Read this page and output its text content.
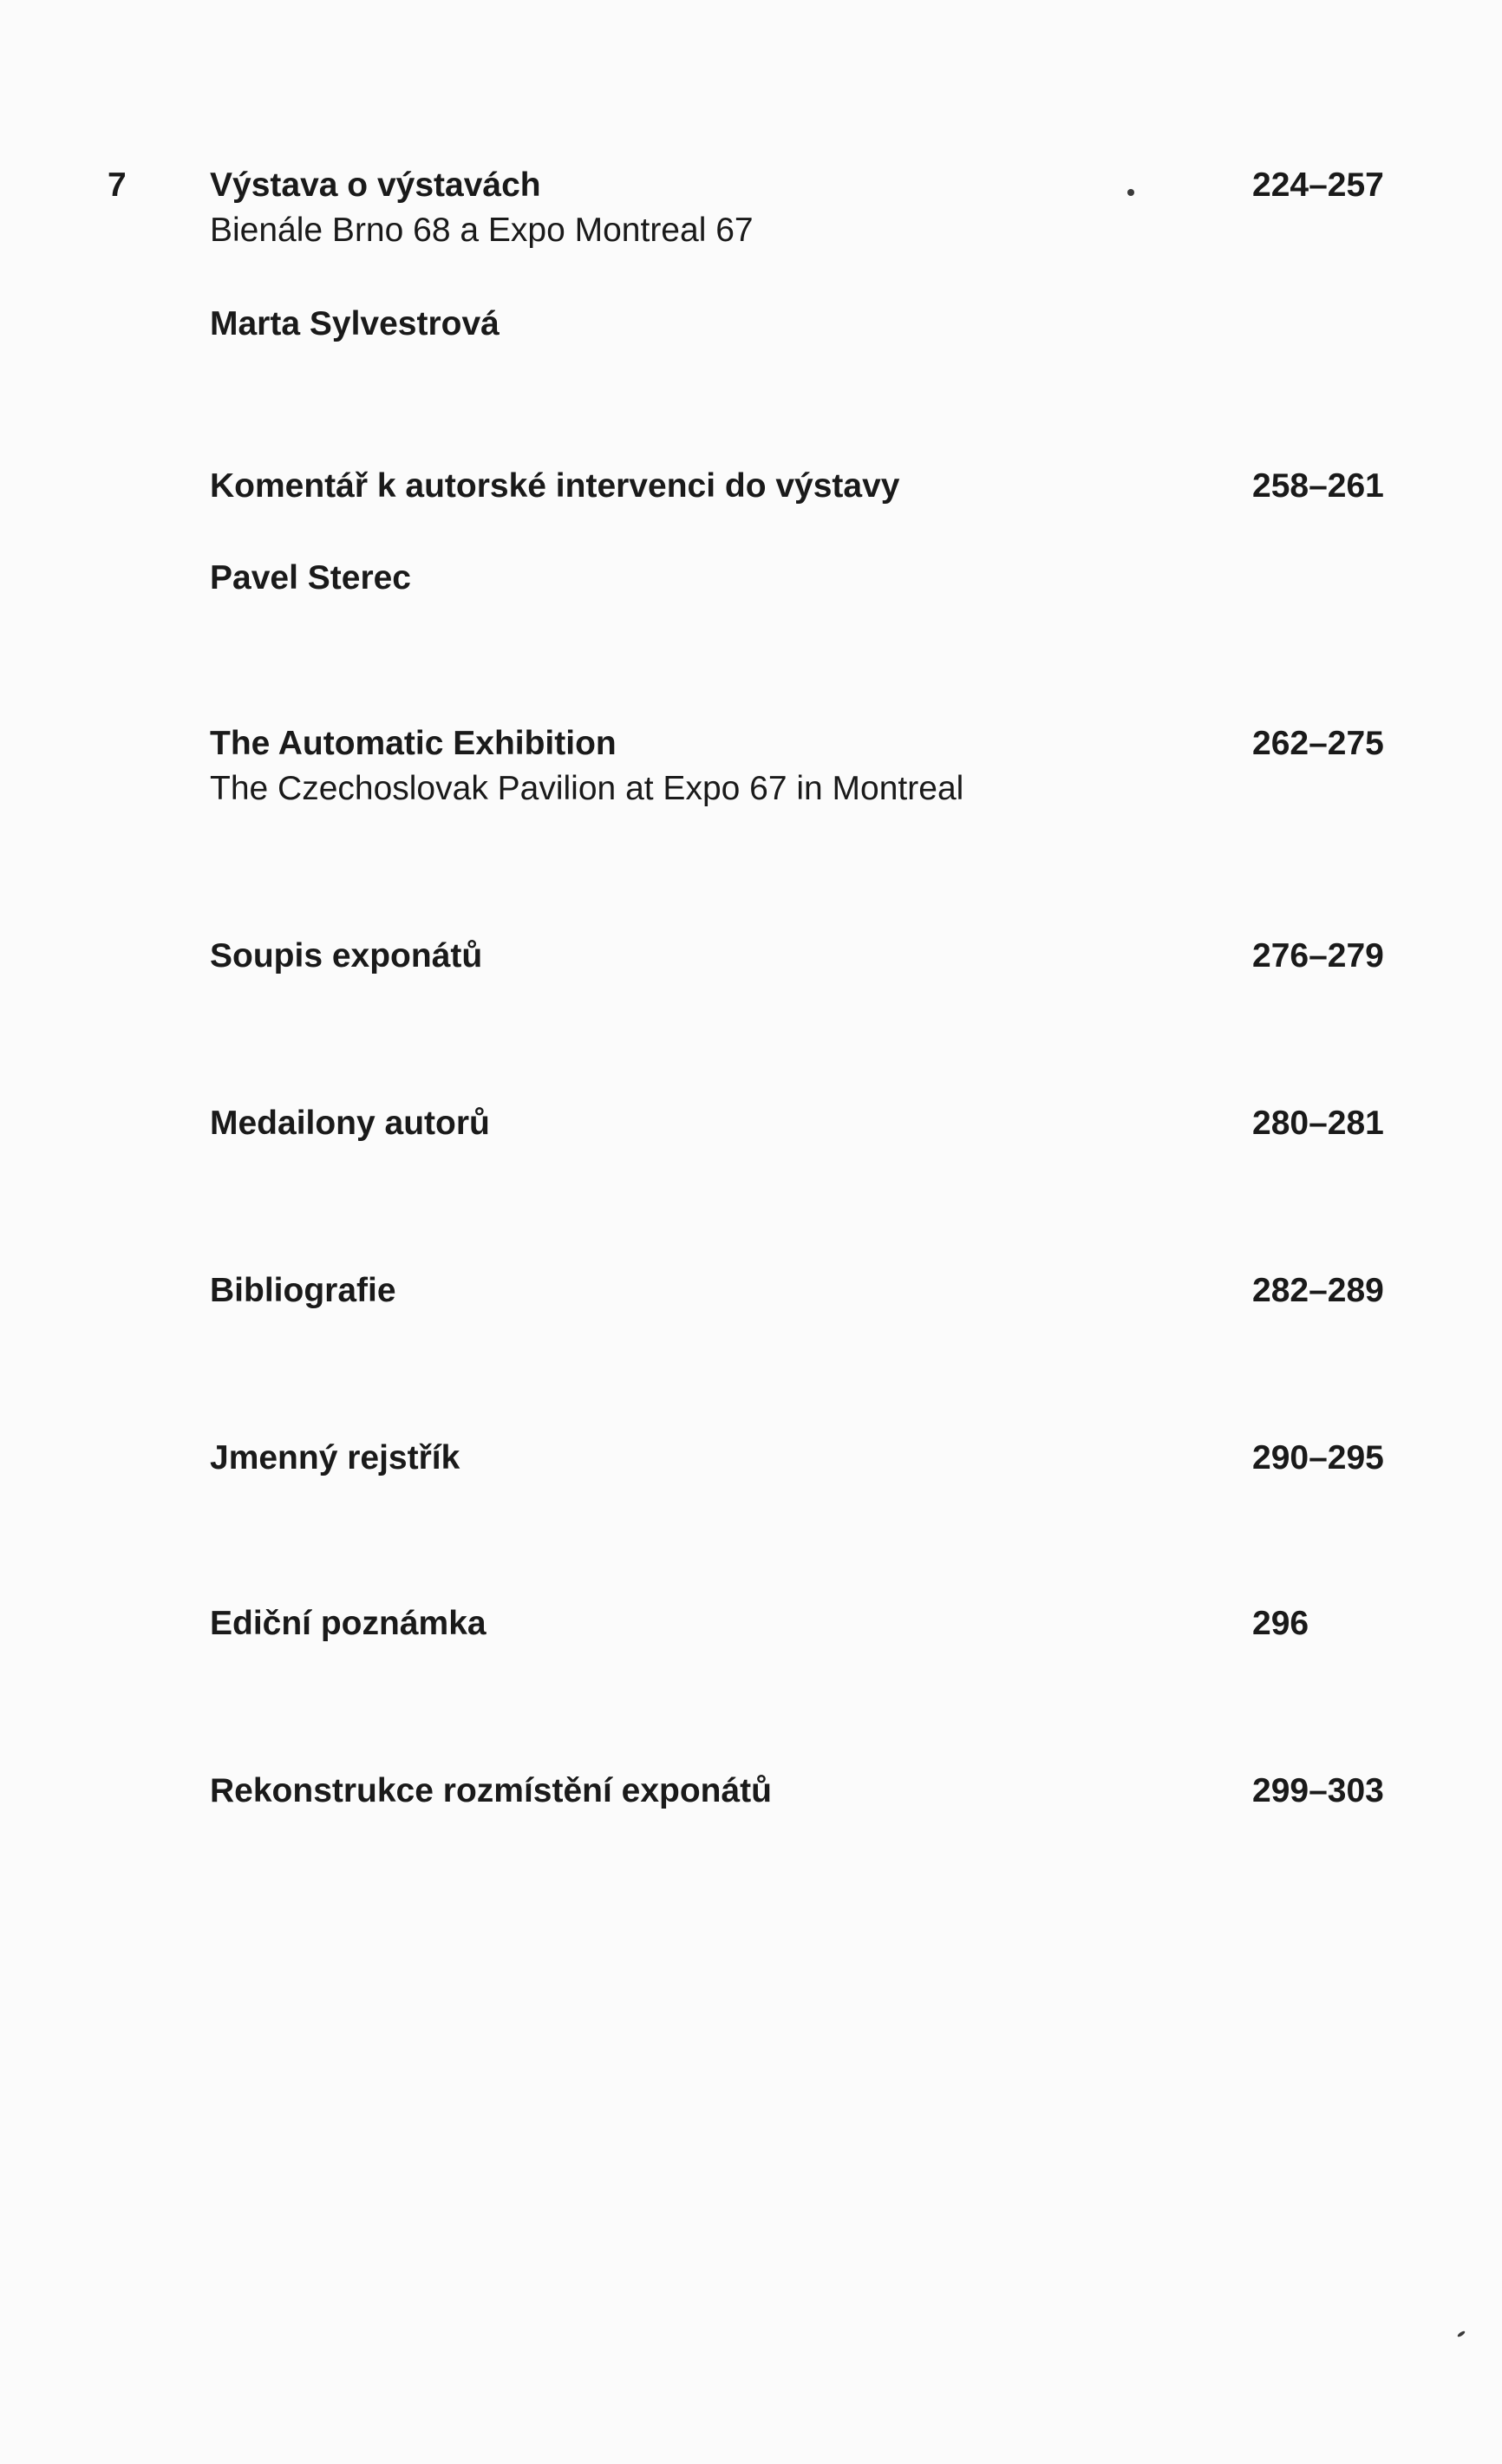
7 Výstava o výstavách
Bienále Brno 68 a Expo Montreal 67
Marta Sylvestrová
224–257
Komentář k autorské intervenci do výstavy
Pavel Sterec
258–261
The Automatic Exhibition
The Czechoslovak Pavilion at Expo 67 in Montreal
262–275
Soupis exponátů	276–279
Medailony autorů	280–281
Bibliografie	282–289
Jmenný rejstřík	290–295
Ediční poznámka	296
Rekonstrukce rozmístění exponátů	299–303
